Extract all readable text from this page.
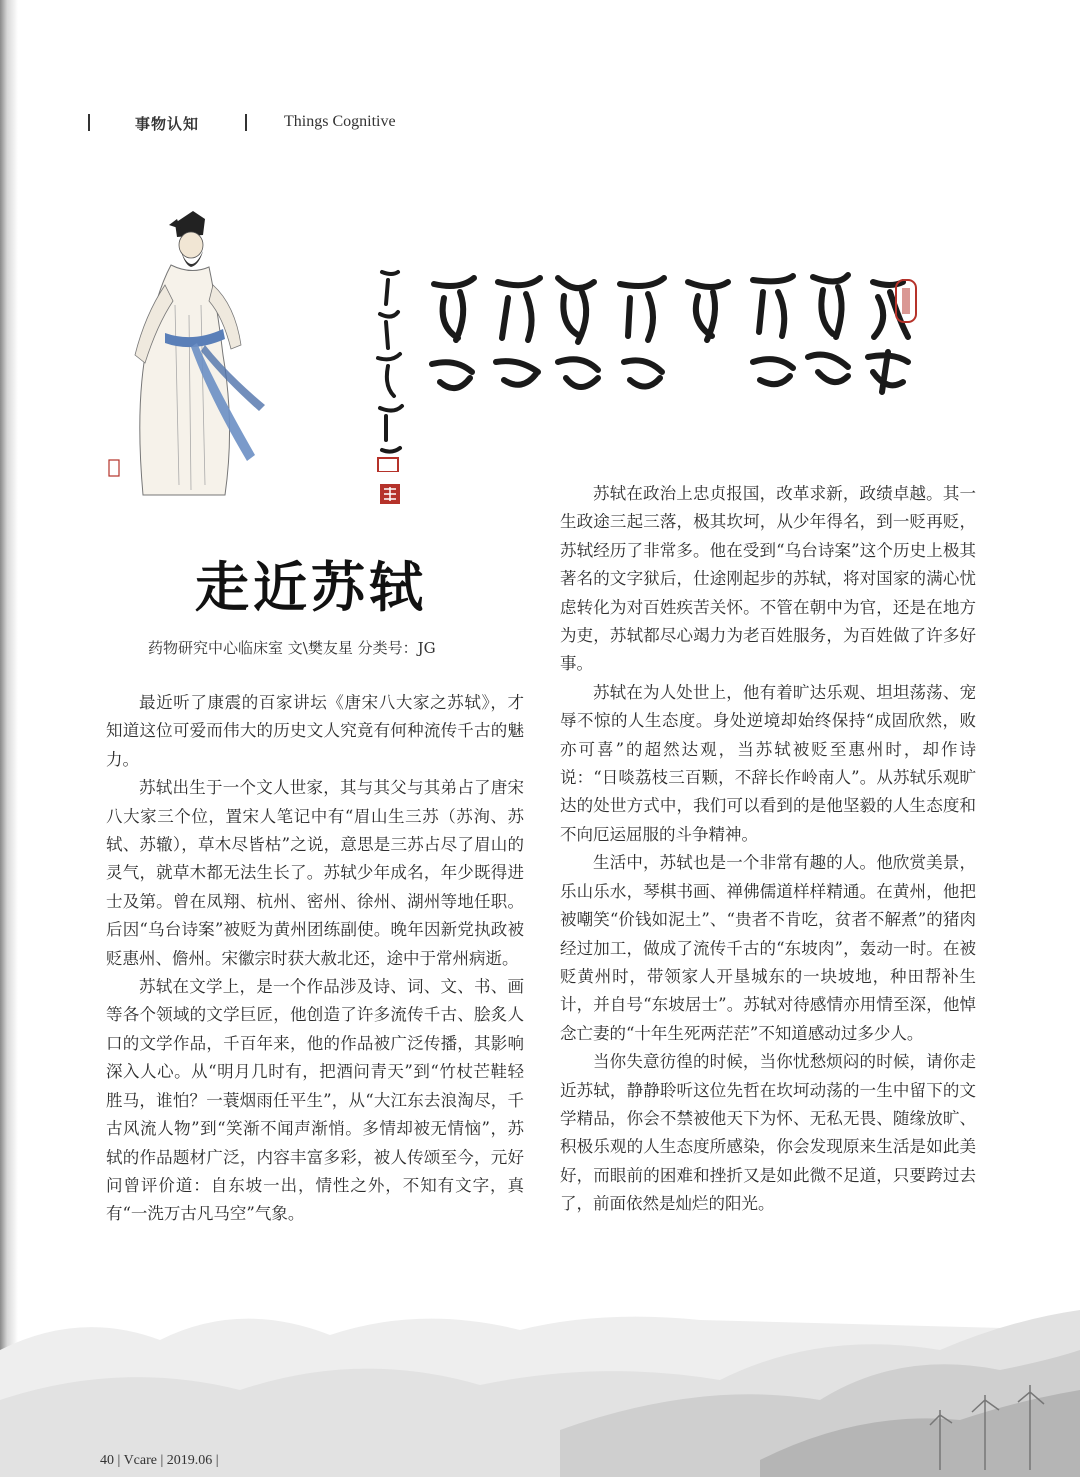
事物认知	Things Cognitive
走近苏轼
药物研究中心临床室 文\樊友星 分类号：JG

最近听了康震的百家讲坛《唐宋八大家之苏轼》，才知道这位可爱而伟大的历史文人究竟有何种流传千古的魅力。

苏轼出生于一个文人世家，其与其父与其弟占了唐宋八大家三个位，置宋人笔记中有“眉山生三苏（苏洵、苏轼、苏辙），草木尽皆枯”之说，意思是三苏占尽了眉山的灵气，就草木都无法生长了。苏轼少年成名，年少既得进士及第。曾在凤翔、杭州、密州、徐州、湖州等地任职。后因“乌台诗案”被贬为黄州团练副使。晚年因新党执政被贬惠州、儋州。宋徽宗时获大赦北还，途中于常州病逝。

苏轼在文学上，是一个作品涉及诗、词、文、书、画等各个领域的文学巨匠，他创造了许多流传千古、脍炙人口的文学作品，千百年来，他的作品被广泛传播，其影响深入人心。从“明月几时有，把酒问青天”到“竹杖芒鞋轻胜马，谁怕？一蓑烟雨任平生”，从“大江东去浪淘尽，千古风流人物”到“笑渐不闻声渐悄。多情却被无情恼”，苏轼的作品题材广泛，内容丰富多彩，被人传颂至今，元好问曾评价道：自东坡一出，情性之外，不知有文字，真有“一洗万古凡马空”气象。

苏轼在政治上忠贞报国，改革求新，政绩卓越。其一生政途三起三落，极其坎坷，从少年得名，到一贬再贬，苏轼经历了非常多。他在受到“乌台诗案”这个历史上极其著名的文字狱后，仕途刚起步的苏轼，将对国家的满心忧虑转化为对百姓疾苦关怀。不管在朝中为官，还是在地方为吏，苏轼都尽心竭力为老百姓服务，为百姓做了许多好事。

苏轼在为人处世上，他有着旷达乐观、坦坦荡荡、宠辱不惊的人生态度。身处逆境却始终保持“成固欣然，败亦可喜”的超然达观，当苏轼被贬至惠州时，却作诗说：“日啖荔枝三百颗，不辞长作岭南人”。从苏轼乐观旷达的处世方式中，我们可以看到的是他坚毅的人生态度和不向厄运屈服的斗争精神。

生活中，苏轼也是一个非常有趣的人。他欣赏美景，乐山乐水，琴棋书画、禅佛儒道样样精通。在黄州，他把被嘲笑“价钱如泥土”、“贵者不肯吃，贫者不解煮”的猪肉经过加工，做成了流传千古的“东坡肉”，轰动一时。在被贬黄州时，带领家人开垦城东的一块坡地，种田帮补生计，并自号“东坡居士”。苏轼对待感情亦用情至深，他悼念亡妻的“十年生死两茫茫”不知道感动过多少人。

当你失意彷徨的时候，当你忧愁烦闷的时候，请你走近苏轼，静静聆听这位先哲在坎坷动荡的一生中留下的文学精品，你会不禁被他天下为怀、无私无畏、随缘放旷、积极乐观的人生态度所感染，你会发现原来生活是如此美好，而眼前的困难和挫折又是如此微不足道，只要跨过去了，前面依然是灿烂的阳光。

40 | Vcare | 2019.06 |
